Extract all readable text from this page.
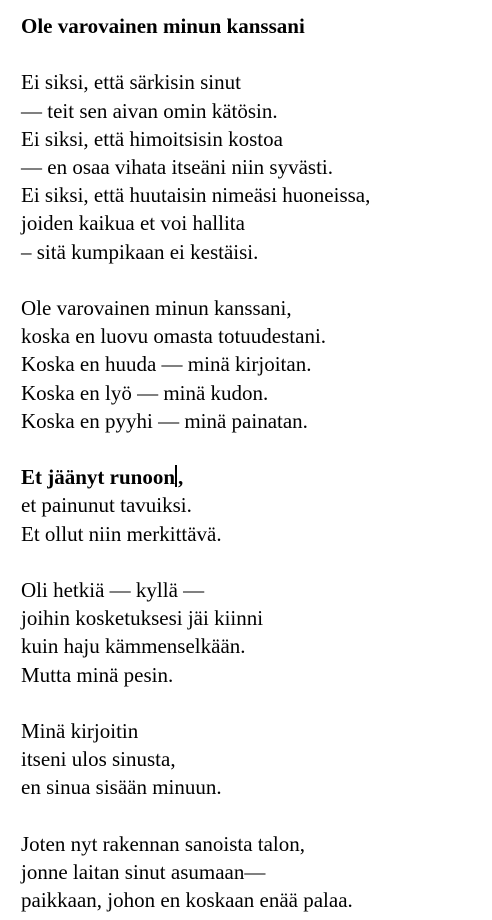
Ole varovainen minun kanssani
Ei siksi, että särkisin sinut
— teit sen aivan omin kätösin.
Ei siksi, että himoitsisin kostoa
— en osaa vihata itseäni niin syvästi.
Ei siksi, että huutaisin nimeäsi huoneissa,
joiden kaikua et voi hallita
– sitä kumpikaan ei kestäisi.
Ole varovainen minun kanssani,
koska en luovu omasta totuudestani.
Koska en huuda — minä kirjoitan.
Koska en lyö — minä kudon.
Koska en pyyhi — minä painatan.
Et jäänyt runoon ,
et painunut tavuiksi.
Et ollut niin merkittävä.
Oli hetkiä — kyllä —
joihin kosketuksesi jäi kiinni
kuin haju kämmenselkään.
Mutta minä pesin.
Minä kirjoitin
itseni ulos sinusta,
en sinua sisään minuun.
Joten nyt rakennan sanoista talon,
jonne laitan sinut asumaan—
paikkaan, johon en koskaan enää palaa.
